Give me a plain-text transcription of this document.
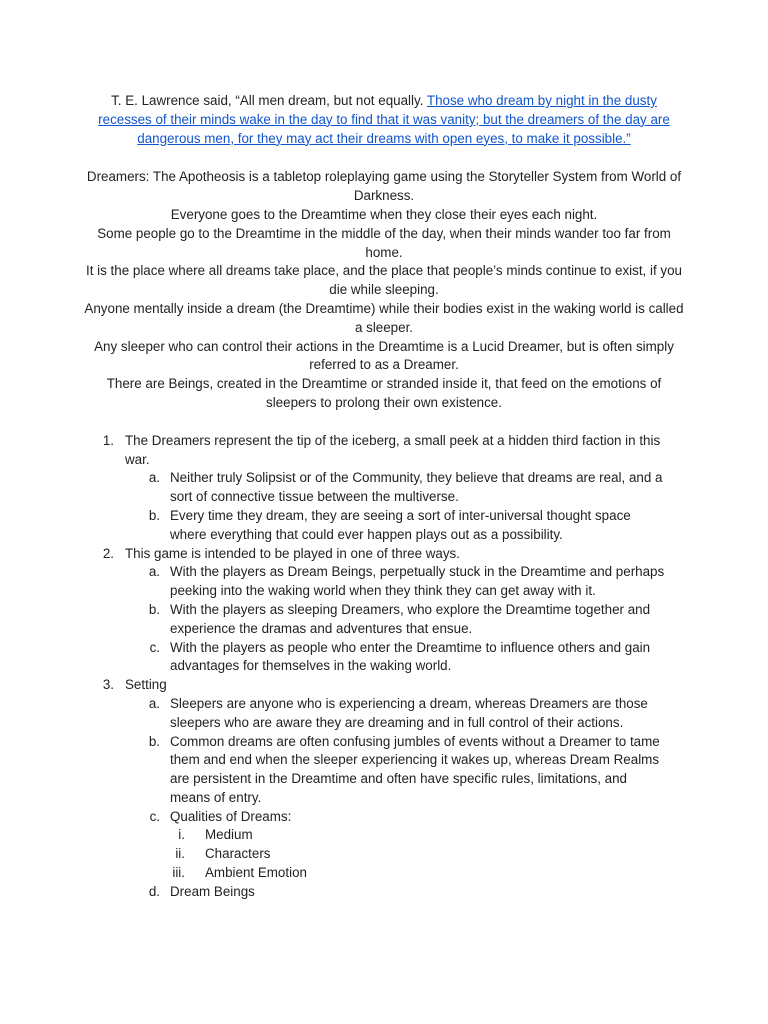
T. E. Lawrence said, “All men dream, but not equally. Those who dream by night in the dusty recesses of their minds wake in the day to find that it was vanity; but the dreamers of the day are dangerous men, for they may act their dreams with open eyes, to make it possible.”

Dreamers: The Apotheosis is a tabletop roleplaying game using the Storyteller System from World of Darkness.

Everyone goes to the Dreamtime when they close their eyes each night.

Some people go to the Dreamtime in the middle of the day, when their minds wander too far from home.

It is the place where all dreams take place, and the place that people’s minds continue to exist, if you die while sleeping.

Anyone mentally inside a dream (the Dreamtime) while their bodies exist in the waking world is called a sleeper.

Any sleeper who can control their actions in the Dreamtime is a Lucid Dreamer, but is often simply referred to as a Dreamer.

There are Beings, created in the Dreamtime or stranded inside it, that feed on the emotions of sleepers to prolong their own existence.

1. The Dreamers represent the tip of the iceberg, a small peek at a hidden third faction in this war.
a. Neither truly Solipsist or of the Community, they believe that dreams are real, and a sort of connective tissue between the multiverse.
b. Every time they dream, they are seeing a sort of inter-universal thought space where everything that could ever happen plays out as a possibility.
2. This game is intended to be played in one of three ways.
a. With the players as Dream Beings, perpetually stuck in the Dreamtime and perhaps peeking into the waking world when they think they can get away with it.
b. With the players as sleeping Dreamers, who explore the Dreamtime together and experience the dramas and adventures that ensue.
c. With the players as people who enter the Dreamtime to influence others and gain advantages for themselves in the waking world.
3. Setting
a. Sleepers are anyone who is experiencing a dream, whereas Dreamers are those sleepers who are aware they are dreaming and in full control of their actions.
b. Common dreams are often confusing jumbles of events without a Dreamer to tame them and end when the sleeper experiencing it wakes up, whereas Dream Realms are persistent in the Dreamtime and often have specific rules, limitations, and means of entry.
c. Qualities of Dreams:
i.	Medium
ii.	Characters
iii.	Ambient Emotion
d. Dream Beings
